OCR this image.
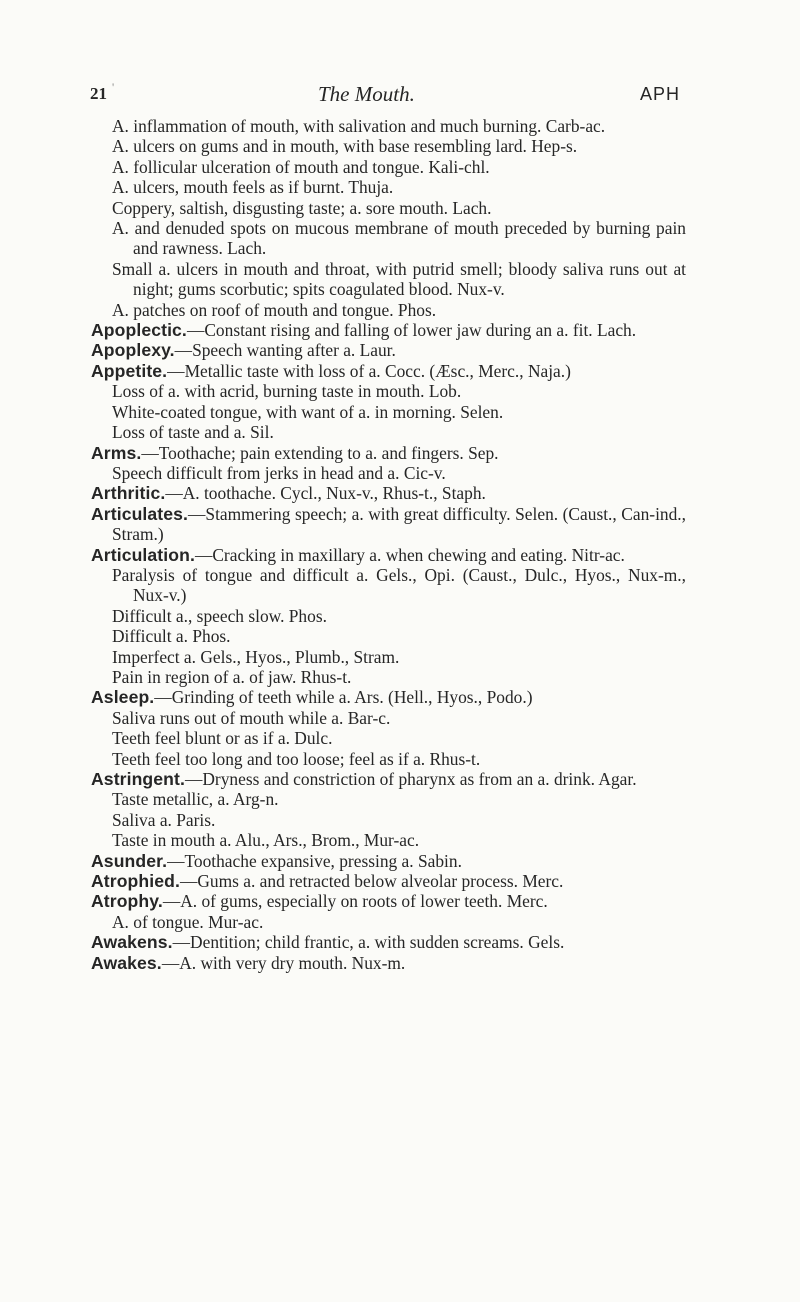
21 '	The Mouth.	APH
A. inflammation of mouth, with salivation and much burning. Carb-ac.
A. ulcers on gums and in mouth, with base resembling lard. Hep-s.
A. follicular ulceration of mouth and tongue. Kali-chl.
A. ulcers, mouth feels as if burnt. Thuja.
Coppery, saltish, disgusting taste; a. sore mouth. Lach.
A. and denuded spots on mucous membrane of mouth preceded by burning pain and rawness. Lach.
Small a. ulcers in mouth and throat, with putrid smell; bloody saliva runs out at night; gums scorbutic; spits coagulated blood. Nux-v.
A. patches on roof of mouth and tongue. Phos.
Apoplectic.—Constant rising and falling of lower jaw during an a. fit. Lach.
Apoplexy.—Speech wanting after a. Laur.
Appetite.—Metallic taste with loss of a. Cocc. (Æsc., Merc., Naja.)
Loss of a. with acrid, burning taste in mouth. Lob.
White-coated tongue, with want of a. in morning. Selen.
Loss of taste and a. Sil.
Arms.—Toothache; pain extending to a. and fingers. Sep.
Speech difficult from jerks in head and a. Cic-v.
Arthritic.—A. toothache. Cycl., Nux-v., Rhus-t., Staph.
Articulates.—Stammering speech; a. with great difficulty. Selen. (Caust., Can-ind., Stram.)
Articulation.—Cracking in maxillary a. when chewing and eating. Nitr-ac.
Paralysis of tongue and difficult a. Gels., Opi. (Caust., Dulc., Hyos., Nux-m., Nux-v.)
Difficult a., speech slow. Phos.
Difficult a. Phos.
Imperfect a. Gels., Hyos., Plumb., Stram.
Pain in region of a. of jaw. Rhus-t.
Asleep.—Grinding of teeth while a. Ars. (Hell., Hyos., Podo.)
Saliva runs out of mouth while a. Bar-c.
Teeth feel blunt or as if a. Dulc.
Teeth feel too long and too loose; feel as if a. Rhus-t.
Astringent.—Dryness and constriction of pharynx as from an a. drink. Agar.
Taste metallic, a. Arg-n.
Saliva a. Paris.
Taste in mouth a. Alu., Ars., Brom., Mur-ac.
Asunder.—Toothache expansive, pressing a. Sabin.
Atrophied.—Gums a. and retracted below alveolar process. Merc.
Atrophy.—A. of gums, especially on roots of lower teeth. Merc.
A. of tongue. Mur-ac.
Awakens.—Dentition; child frantic, a. with sudden screams. Gels.
Awakes.—A. with very dry mouth. Nux-m.
